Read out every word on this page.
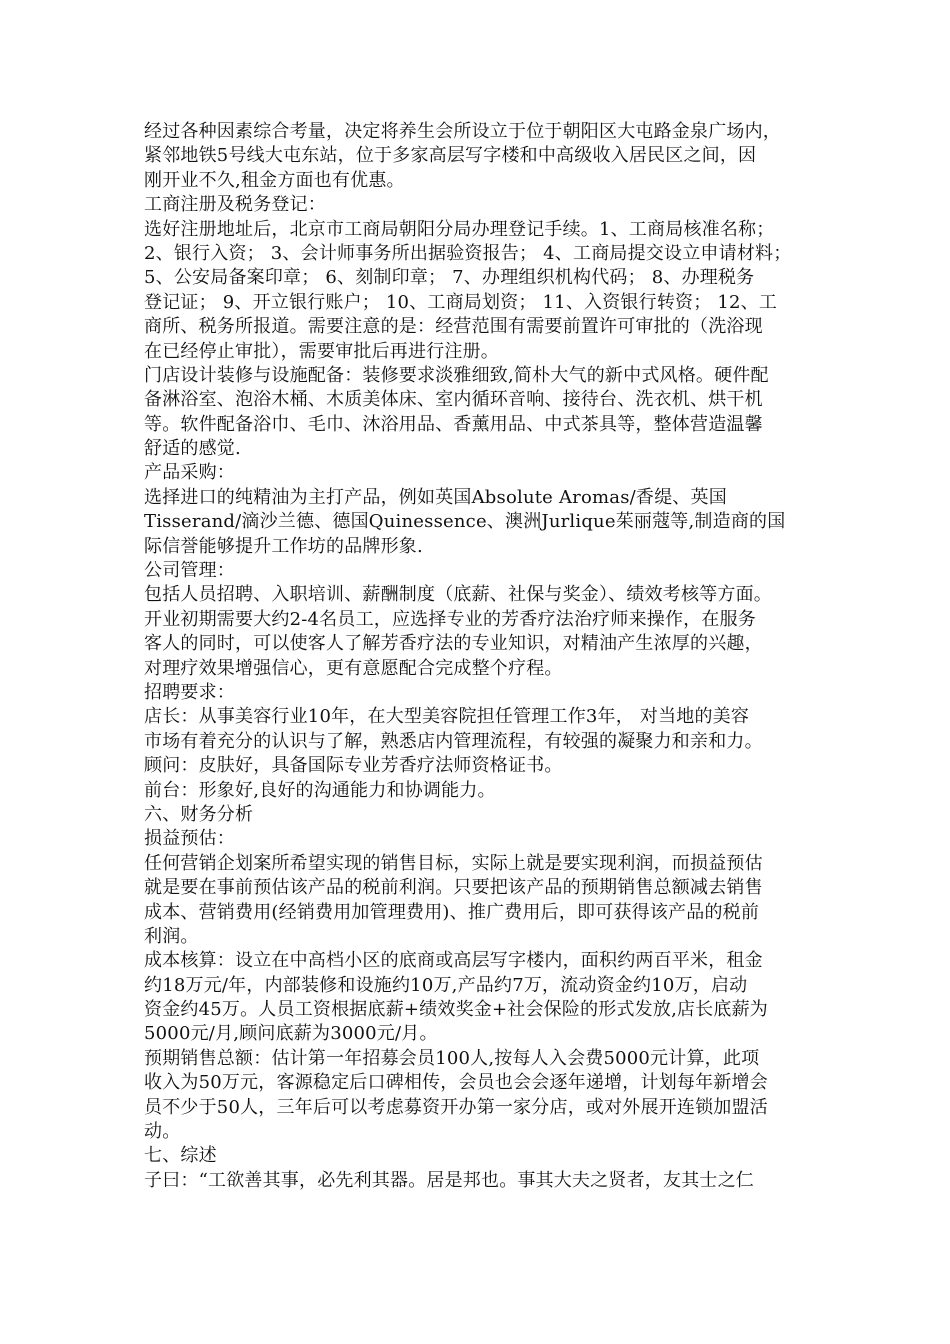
经过各种因素综合考量，决定将养生会所设立于位于朝阳区大屯路金泉广场内，
紧邻地铁5号线大屯东站，位于多家高层写字楼和中高级收入居民区之间，因
刚开业不久,租金方面也有优惠。
工商注册及税务登记：
选好注册地址后，北京市工商局朝阳分局办理登记手续。1、工商局核准名称；
2、银行入资； 3、会计师事务所出据验资报告； 4、工商局提交设立申请材料；
5、公安局备案印章； 6、刻制印章； 7、办理组织机构代码； 8、办理税务
登记证； 9、开立银行账户； 10、工商局划资； 11、入资银行转资； 12、工
商所、税务所报道。需要注意的是：经营范围有需要前置许可审批的（洗浴现
在已经停止审批），需要审批后再进行注册。
门店设计装修与设施配备：装修要求淡雅细致,简朴大气的新中式风格。硬件配
备淋浴室、泡浴木桶、木质美体床、室内循环音响、接待台、洗衣机、烘干机
等。软件配备浴巾、毛巾、沐浴用品、香薰用品、中式茶具等，整体营造温馨
舒适的感觉.
产品采购：
选择进口的纯精油为主打产品，例如英国Absolute Aromas/香缇、英国
Tisserand/滴沙兰德、德国Quinessence、澳洲Jurlique茱丽蔻等,制造商的国
际信誉能够提升工作坊的品牌形象.
公司管理：
包括人员招聘、入职培训、薪酬制度（底薪、社保与奖金）、绩效考核等方面。
开业初期需要大约2-4名员工，应选择专业的芳香疗法治疗师来操作，在服务
客人的同时，可以使客人了解芳香疗法的专业知识，对精油产生浓厚的兴趣，
对理疗效果增强信心，更有意愿配合完成整个疗程。
招聘要求：
店长：从事美容行业10年，在大型美容院担任管理工作3年， 对当地的美容
市场有着充分的认识与了解，熟悉店内管理流程，有较强的凝聚力和亲和力。
顾问：皮肤好，具备国际专业芳香疗法师资格证书。
前台：形象好,良好的沟通能力和协调能力。
六、财务分析
损益预估：
任何营销企划案所希望实现的销售目标，实际上就是要实现利润，而损益预估
就是要在事前预估该产品的税前利润。只要把该产品的预期销售总额减去销售
成本、营销费用(经销费用加管理费用)、推广费用后，即可获得该产品的税前
利润。
成本核算：设立在中高档小区的底商或高层写字楼内，面积约两百平米，租金
约18万元/年，内部装修和设施约10万,产品约7万，流动资金约10万，启动
资金约45万。人员工资根据底薪+绩效奖金+社会保险的形式发放,店长底薪为
5000元/月,顾问底薪为3000元/月。
预期销售总额：估计第一年招募会员100人,按每人入会费5000元计算，此项
收入为50万元，客源稳定后口碑相传，会员也会会逐年递增，计划每年新增会
员不少于50人，三年后可以考虑募资开办第一家分店，或对外展开连锁加盟活
动。
七、综述
子曰：“工欲善其事，必先利其器。居是邦也。事其大夫之贤者，友其士之仁
